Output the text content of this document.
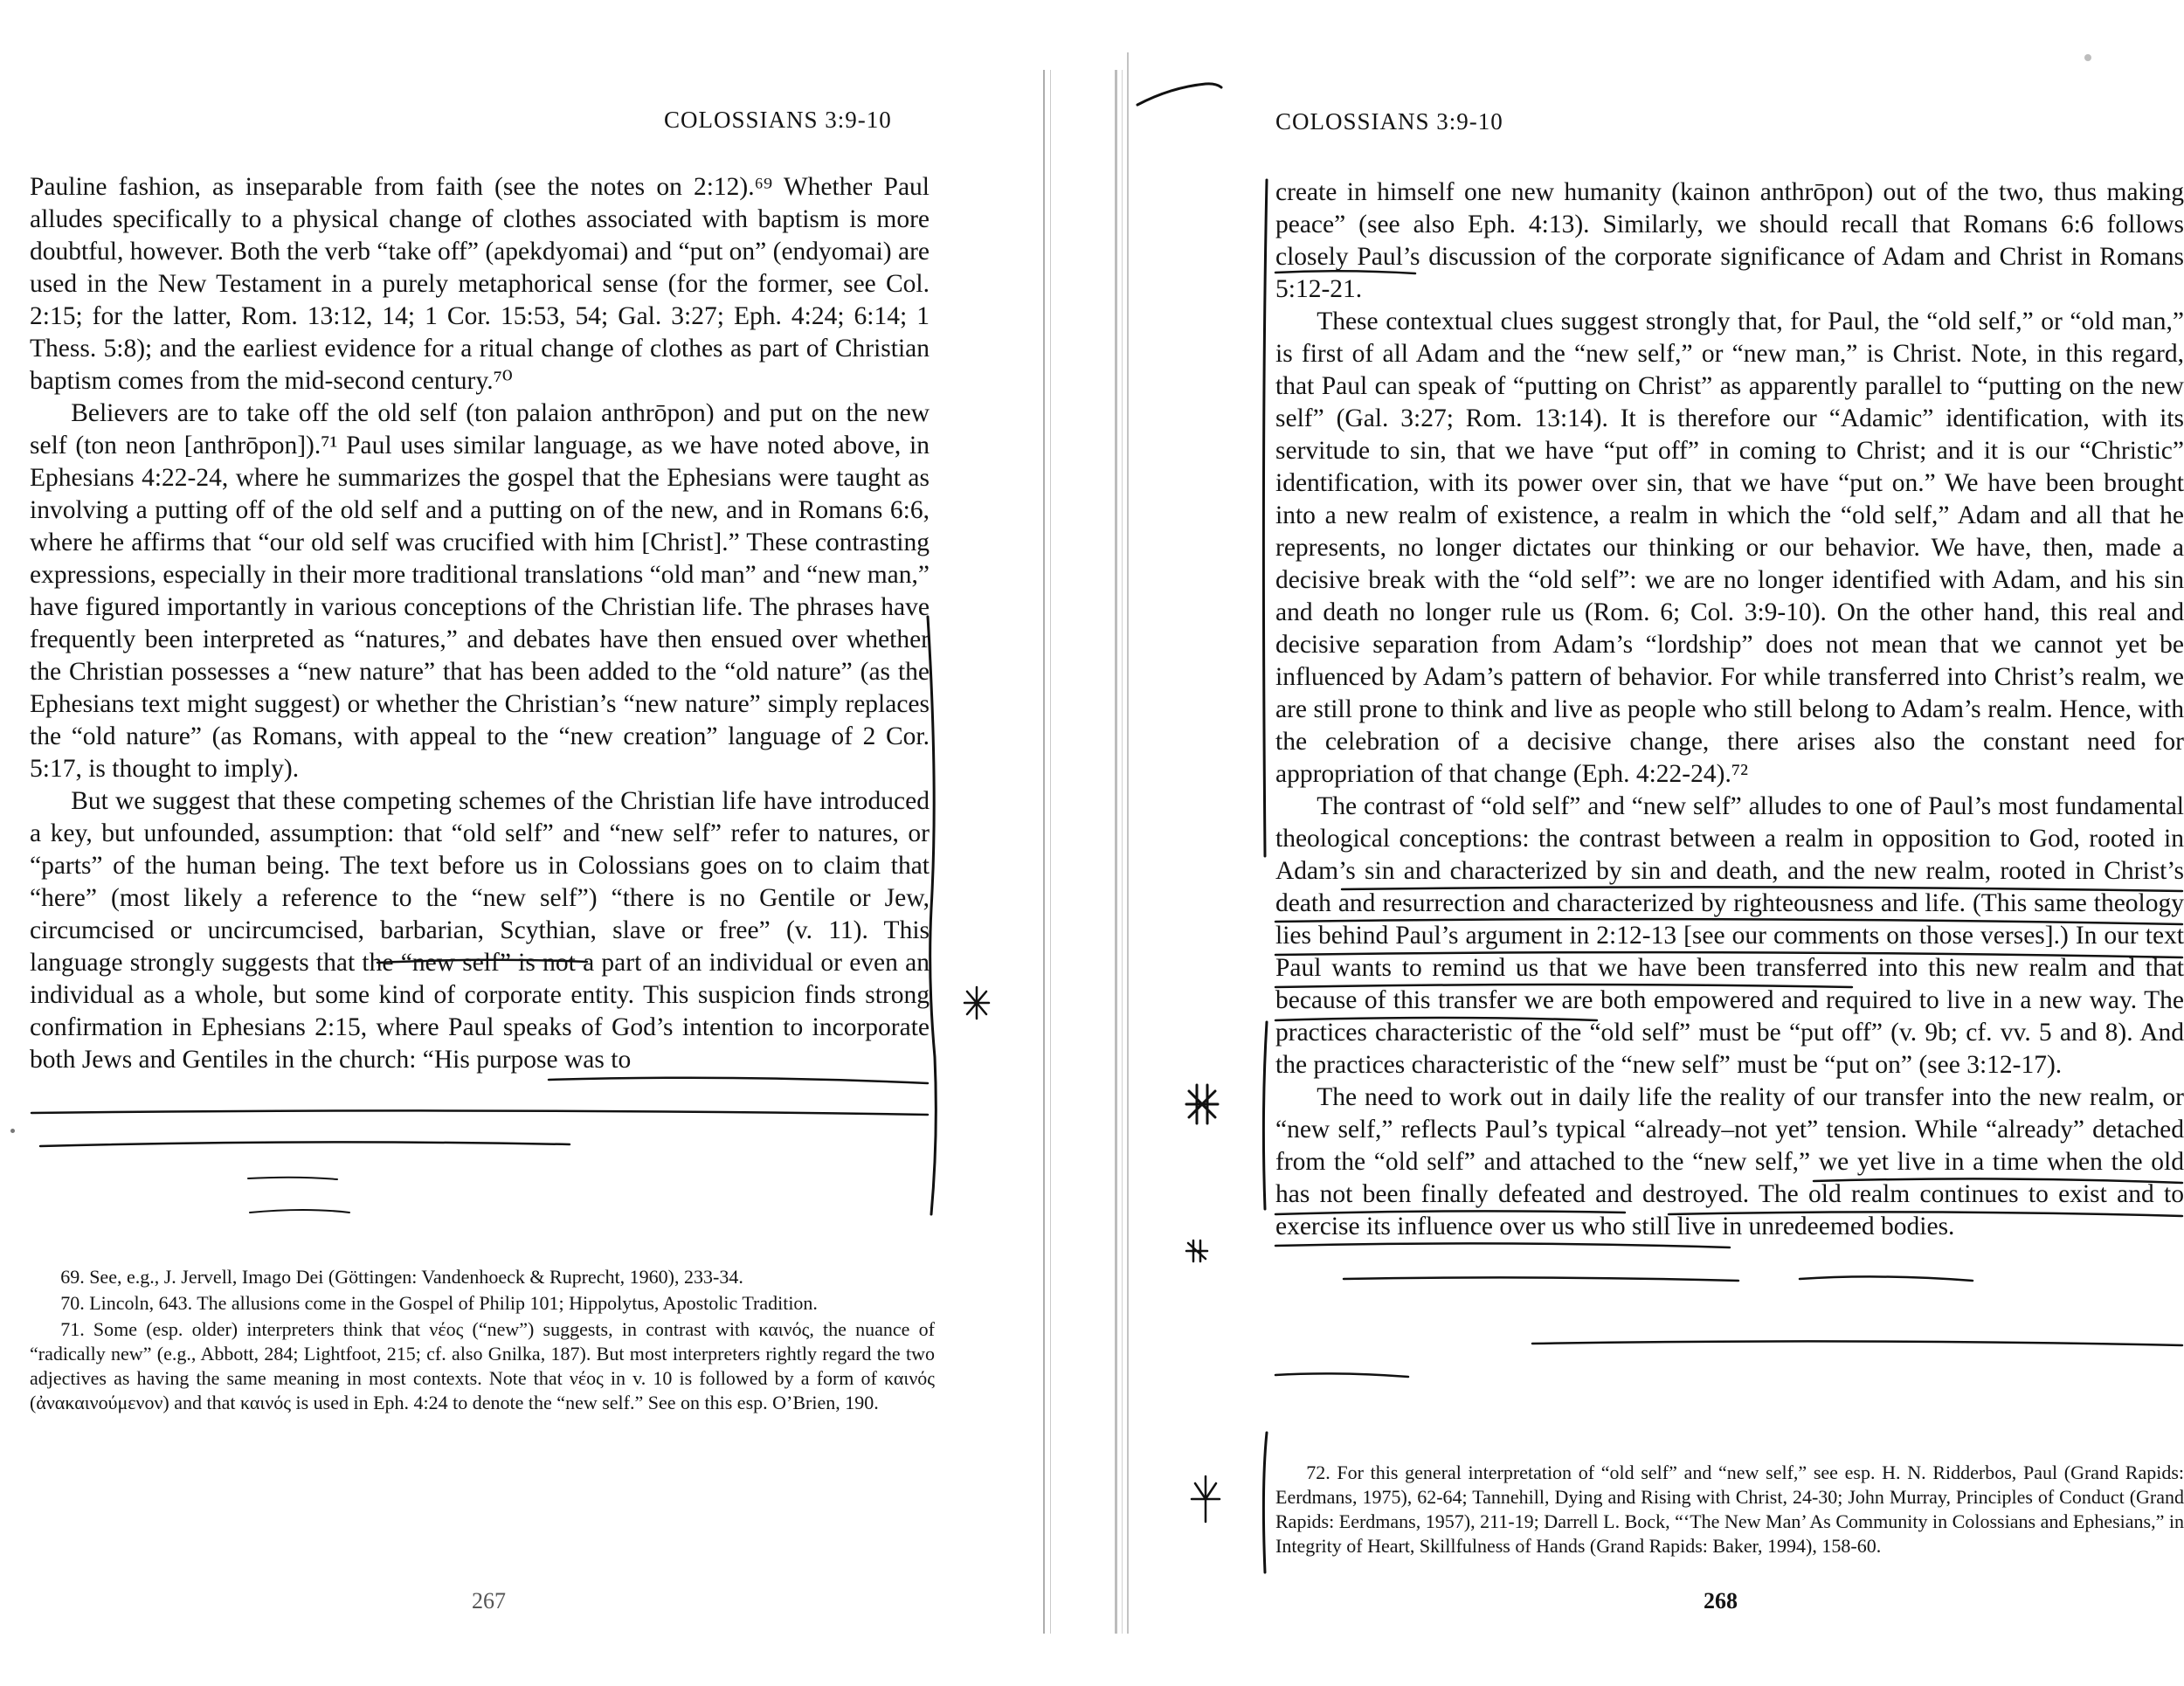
COLOSSIANS 3:9-10

Pauline fashion, as inseparable from faith (see the notes on 2:12).⁶⁹ Whether Paul alludes specifically to a physical change of clothes associated with baptism is more doubtful, however. Both the verb “take off” (apekdyomai) and “put on” (endyomai) are used in the New Testament in a purely metaphorical sense (for the former, see Col. 2:15; for the latter, Rom. 13:12, 14; 1 Cor. 15:53, 54; Gal. 3:27; Eph. 4:24; 6:14; 1 Thess. 5:8); and the earliest evidence for a ritual change of clothes as part of Christian baptism comes from the mid-second century.⁷⁰

Believers are to take off the old self (ton palaion anthrōpon) and put on the new self (ton neon [anthrōpon]).⁷¹ Paul uses similar language, as we have noted above, in Ephesians 4:22-24, where he summarizes the gospel that the Ephesians were taught as involving a putting off of the old self and a putting on of the new, and in Romans 6:6, where he affirms that “our old self was crucified with him [Christ].” These contrasting expressions, especially in their more traditional translations “old man” and “new man,” have figured importantly in various conceptions of the Christian life. The phrases have frequently been interpreted as “natures,” and debates have then ensued over whether the Christian possesses a “new nature” that has been added to the “old nature” (as the Ephesians text might suggest) or whether the Christian’s “new nature” simply replaces the “old nature” (as Romans, with appeal to the “new creation” language of 2 Cor. 5:17, is thought to imply).

But we suggest that these competing schemes of the Christian life have introduced a key, but unfounded, assumption: that “old self” and “new self” refer to natures, or “parts” of the human being. The text before us in Colossians goes on to claim that “here” (most likely a reference to the “new self”) “there is no Gentile or Jew, circumcised or uncircumcised, barbarian, Scythian, slave or free” (v. 11). This language strongly suggests that the “new self” is not a part of an individual or even an individual as a whole, but some kind of corporate entity. This suspicion finds strong confirmation in Ephesians 2:15, where Paul speaks of God’s intention to incorporate both Jews and Gentiles in the church: “His purpose was to

69. See, e.g., J. Jervell, Imago Dei (Göttingen: Vandenhoeck & Ruprecht, 1960), 233-34.

70. Lincoln, 643. The allusions come in the Gospel of Philip 101; Hippolytus, Apostolic Tradition.

71. Some (esp. older) interpreters think that νέος (“new”) suggests, in contrast with καινός, the nuance of “radically new” (e.g., Abbott, 284; Lightfoot, 215; cf. also Gnilka, 187). But most interpreters rightly regard the two adjectives as having the same meaning in most contexts. Note that νέος in v. 10 is followed by a form of καινός (ἀνακαινούμενον) and that καινός is used in Eph. 4:24 to denote the “new self.” See on this esp. O’Brien, 190.

267
COLOSSIANS 3:9-10

create in himself one new humanity (kainon anthrōpon) out of the two, thus making peace” (see also Eph. 4:13). Similarly, we should recall that Romans 6:6 follows closely Paul’s discussion of the corporate significance of Adam and Christ in Romans 5:12-21.

These contextual clues suggest strongly that, for Paul, the “old self,” or “old man,” is first of all Adam and the “new self,” or “new man,” is Christ. Note, in this regard, that Paul can speak of “putting on Christ” as apparently parallel to “putting on the new self” (Gal. 3:27; Rom. 13:14). It is therefore our “Adamic” identification, with its servitude to sin, that we have “put off” in coming to Christ; and it is our “Christic” identification, with its power over sin, that we have “put on.” We have been brought into a new realm of existence, a realm in which the “old self,” Adam and all that he represents, no longer dictates our thinking or our behavior. We have, then, made a decisive break with the “old self”: we are no longer identified with Adam, and his sin and death no longer rule us (Rom. 6; Col. 3:9-10). On the other hand, this real and decisive separation from Adam’s “lordship” does not mean that we cannot yet be influenced by Adam’s pattern of behavior. For while transferred into Christ’s realm, we are still prone to think and live as people who still belong to Adam’s realm. Hence, with the celebration of a decisive change, there arises also the constant need for appropriation of that change (Eph. 4:22-24).⁷²

The contrast of “old self” and “new self” alludes to one of Paul’s most fundamental theological conceptions: the contrast between a realm in opposition to God, rooted in Adam’s sin and characterized by sin and death, and the new realm, rooted in Christ’s death and resurrection and characterized by righteousness and life. (This same theology lies behind Paul’s argument in 2:12-13 [see our comments on those verses].) In our text Paul wants to remind us that we have been transferred into this new realm and that because of this transfer we are both empowered and required to live in a new way. The practices characteristic of the “old self” must be “put off” (v. 9b; cf. vv. 5 and 8). And the practices characteristic of the “new self” must be “put on” (see 3:12-17).

The need to work out in daily life the reality of our transfer into the new realm, or “new self,” reflects Paul’s typical “already–not yet” tension. While “already” detached from the “old self” and attached to the “new self,” we yet live in a time when the old has not been finally defeated and destroyed. The old realm continues to exist and to exercise its influence over us who still live in unredeemed bodies.

72. For this general interpretation of “old self” and “new self,” see esp. H. N. Ridderbos, Paul (Grand Rapids: Eerdmans, 1975), 62-64; Tannehill, Dying and Rising with Christ, 24-30; John Murray, Principles of Conduct (Grand Rapids: Eerdmans, 1957), 211-19; Darrell L. Bock, “‘The New Man’ As Community in Colossians and Ephesians,” in Integrity of Heart, Skillfulness of Hands (Grand Rapids: Baker, 1994), 158-60.

268
